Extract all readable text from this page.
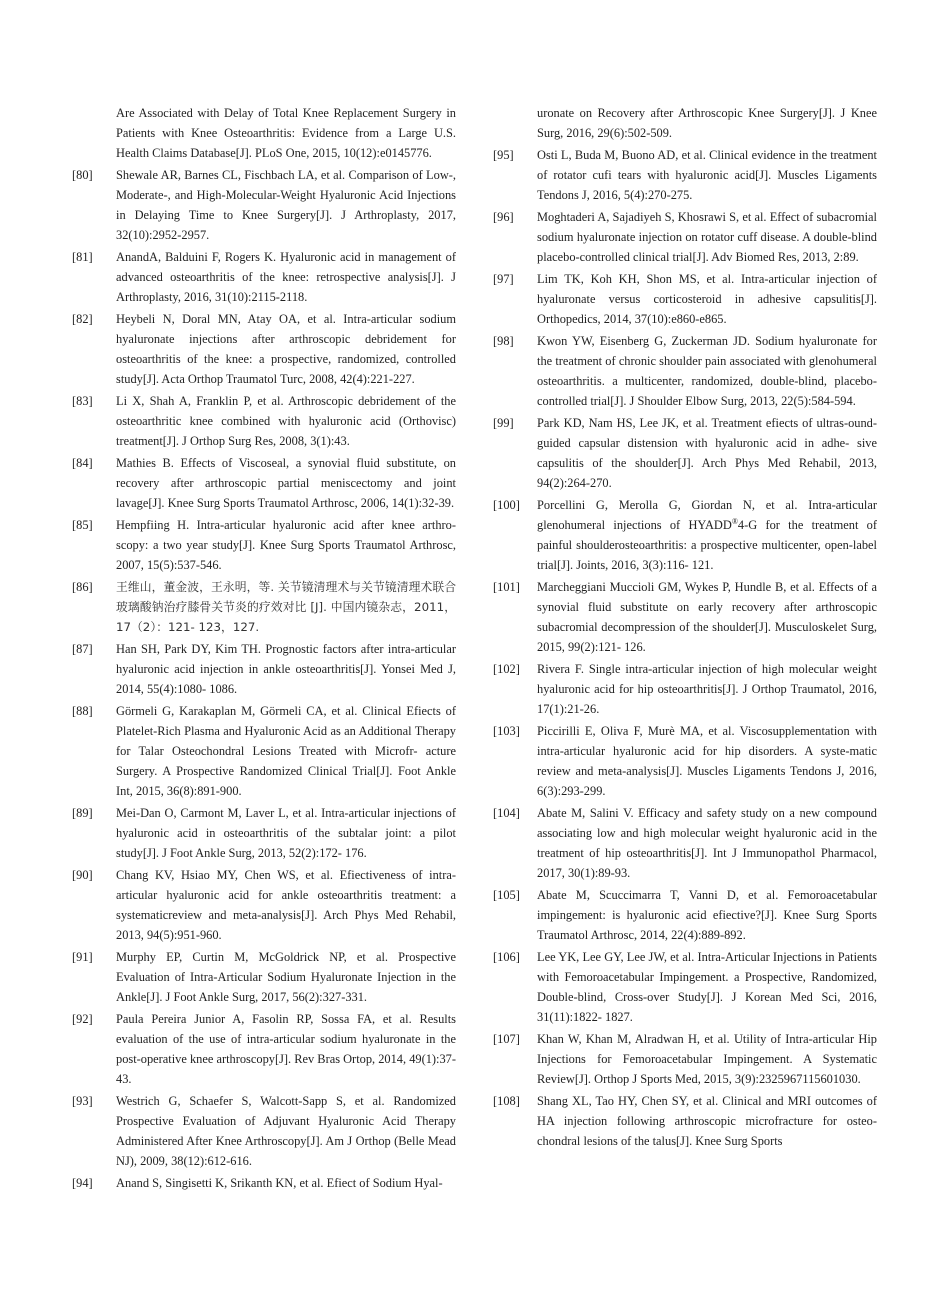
Are Associated with Delay of Total Knee Replacement Surgery in Patients with Knee Osteoarthritis: Evidence from a Large U.S. Health Claims Database[J]. PLoS One, 2015, 10(12):e0145776.
[80]	Shewale AR, Barnes CL, Fischbach LA, et al. Comparison of Low-, Moderate-, and High-Molecular-Weight Hyaluronic Acid Injections in Delaying Time to Knee Surgery[J]. J Arthroplasty, 2017, 32(10):2952-2957.
[81]	AnandA, Balduini F, Rogers K. Hyaluronic acid in management of advanced osteoarthritis of the knee: retrospective analysis[J]. J Arthroplasty, 2016, 31(10):2115-2118.
[82]	Heybeli N, Doral MN, Atay OA, et al. Intra-articular sodium hyaluronate injections after arthroscopic debridement for osteoarthritis of the knee: a prospective, randomized, controlled study[J]. Acta Orthop Traumatol Turc, 2008, 42(4):221-227.
[83]	Li X, Shah A, Franklin P, et al. Arthroscopic debridement of the osteoarthritic knee combined with hyaluronic acid (Orthovisc) treatment[J]. J Orthop Surg Res, 2008, 3(1):43.
[84]	Mathies B. Effects of Viscoseal, a synovial fluid substitute, on recovery after arthroscopic partial meniscectomy and joint lavage[J]. Knee Surg Sports Traumatol Arthrosc, 2006, 14(1):32-39.
[85]	Hempfiing H. Intra-articular hyaluronic acid after knee arthro-scopy: a two year study[J]. Knee Surg Sports Traumatol Arthrosc, 2007, 15(5):537-546.
[86]	王维山，董金波，王永明，等. 关节镜清理术与关节镜清理术联合玻璃酸钠治疗膝骨关节炎的疗效对比 [J]. 中国内镜杂志，2011，17（2）：121- 123，127.
[87]	Han SH, Park DY, Kim TH. Prognostic factors after intra-articular hyaluronic acid injection in ankle osteoarthritis[J]. Yonsei Med J, 2014, 55(4):1080- 1086.
[88]	Görmeli G, Karakaplan M, Görmeli CA, et al. Clinical Efiects of Platelet-Rich Plasma and Hyaluronic Acid as an Additional Therapy for Talar Osteochondral Lesions Treated with Microfr- acture Surgery. A Prospective Randomized Clinical Trial[J]. Foot Ankle Int, 2015, 36(8):891-900.
[89]	Mei-Dan O, Carmont M, Laver L, et al. Intra-articular injections of hyaluronic acid in osteoarthritis of the subtalar joint: a pilot study[J]. J Foot Ankle Surg, 2013, 52(2):172- 176.
[90]	Chang KV, Hsiao MY, Chen WS, et al. Efiectiveness of intra- articular hyaluronic acid for ankle osteoarthritis treatment: a systematicreview and meta-analysis[J]. Arch Phys Med Rehabil, 2013, 94(5):951-960.
[91]	Murphy EP, Curtin M, McGoldrick NP, et al. Prospective Evaluation of Intra-Articular Sodium Hyaluronate Injection in the Ankle[J]. J Foot Ankle Surg, 2017, 56(2):327-331.
[92]	Paula Pereira Junior A, Fasolin RP, Sossa FA, et al. Results evaluation of the use of intra-articular sodium hyaluronate in the post-operative knee arthroscopy[J]. Rev Bras Ortop, 2014, 49(1):37-43.
[93]	Westrich G, Schaefer S, Walcott-Sapp S, et al. Randomized Prospective Evaluation of Adjuvant Hyaluronic Acid Therapy Administered After Knee Arthroscopy[J]. Am J Orthop (Belle Mead NJ), 2009, 38(12):612-616.
[94]	Anand S, Singisetti K, Srikanth KN, et al. Efiect of Sodium Hyal-
uronate on Recovery after Arthroscopic Knee Surgery[J]. J Knee Surg, 2016, 29(6):502-509.
[95]	Osti L, Buda M, Buono AD, et al. Clinical evidence in the treatment of rotator cufi tears with hyaluronic acid[J]. Muscles Ligaments Tendons J, 2016, 5(4):270-275.
[96]	Moghtaderi A, Sajadiyeh S, Khosrawi S, et al. Effect of subacromial sodium hyaluronate injection on rotator cuff disease. A double-blind placebo-controlled clinical trial[J]. Adv Biomed Res, 2013, 2:89.
[97]	Lim TK, Koh KH, Shon MS, et al. Intra-articular injection of hyaluronate versus corticosteroid in adhesive capsulitis[J]. Orthopedics, 2014, 37(10):e860-e865.
[98]	Kwon YW, Eisenberg G, Zuckerman JD. Sodium hyaluronate for the treatment of chronic shoulder pain associated with glenohumeral osteoarthritis. a multicenter, randomized, double-blind, placebo-controlled trial[J]. J Shoulder Elbow Surg, 2013, 22(5):584-594.
[99]	Park KD, Nam HS, Lee JK, et al. Treatment efiects of ultras-ound-guided capsular distension with hyaluronic acid in adhe- sive capsulitis of the shoulder[J]. Arch Phys Med Rehabil, 2013, 94(2):264-270.
[100]	Porcellini G, Merolla G, Giordan N, et al. Intra-articular glenohumeral injections of HYADD®4-G for the treatment of painful shoulderosteoarthritis: a prospective multicenter, open-label trial[J]. Joints, 2016, 3(3):116- 121.
[101]	Marcheggiani Muccioli GM, Wykes P, Hundle B, et al. Effects of a synovial fluid substitute on early recovery after arthroscopic subacromial decompression of the shoulder[J]. Musculoskelet Surg, 2015, 99(2):121- 126.
[102]	Rivera F. Single intra-articular injection of high molecular weight hyaluronic acid for hip osteoarthritis[J]. J Orthop Traumatol, 2016, 17(1):21-26.
[103]	Piccirilli E, Oliva F, Murè MA, et al. Viscosupplementation with intra-articular hyaluronic acid for hip disorders. A syste-matic review and meta-analysis[J]. Muscles Ligaments Tendons J, 2016, 6(3):293-299.
[104]	Abate M, Salini V. Efficacy and safety study on a new compound associating low and high molecular weight hyaluronic acid in the treatment of hip osteoarthritis[J]. Int J Immunopathol Pharmacol, 2017, 30(1):89-93.
[105]	Abate M, Scuccimarra T, Vanni D, et al. Femoroacetabular impingement: is hyaluronic acid efiective?[J]. Knee Surg Sports Traumatol Arthrosc, 2014, 22(4):889-892.
[106]	Lee YK, Lee GY, Lee JW, et al. Intra-Articular Injections in Patients with Femoroacetabular Impingement. a Prospective, Randomized, Double-blind, Cross-over Study[J]. J Korean Med Sci, 2016, 31(11):1822- 1827.
[107]	Khan W, Khan M, Alradwan H, et al. Utility of Intra-articular Hip Injections for Femoroacetabular Impingement. A Systematic Review[J]. Orthop J Sports Med, 2015, 3(9):2325967115601030.
[108]	Shang XL, Tao HY, Chen SY, et al. Clinical and MRI outcomes of HA injection following arthroscopic microfracture for osteo- chondral lesions of the talus[J]. Knee Surg Sports
